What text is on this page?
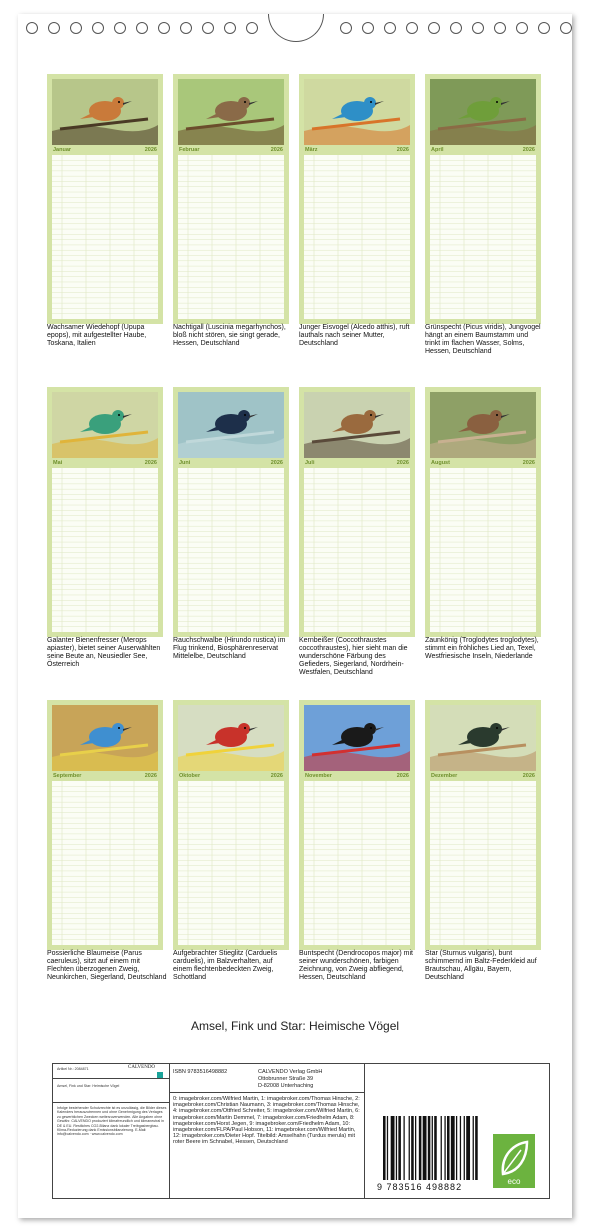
Januar	2026
Wachsamer Wiedehopf (Upupa epops), mit aufgestellter Haube, Toskana, Italien
Februar	2026
Nachtigall (Luscinia megarhynchos), bloß nicht stören, sie singt gerade, Hessen, Deutschland
März	2026
Junger Eisvogel (Alcedo atthis), ruft lauthals nach seiner Mutter, Deutschland
April	2026
Grünspecht (Picus viridis), Jungvogel hängt an einem Baumstamm und trinkt im flachen Wasser, Solms, Hessen, Deutschland
Mai	2026
Galanter Bienenfresser (Merops apiaster), bietet seiner Auserwählten seine Beute an, Neusiedler See, Österreich
Juni	2026
Rauchschwalbe (Hirundo rustica) im Flug trinkend, Biosphärenreservat Mittelelbe, Deutschland
Juli	2026
Kernbeißer (Coccothraustes coccothraustes), hier sieht man die wunderschöne Färbung des Gefieders, Siegerland, Nordrhein-Westfalen, Deutschland
August	2026
Zaunkönig (Troglodytes troglodytes), stimmt ein fröhliches Lied an, Texel, Westfriesische Inseln, Niederlande
September	2026
Possierliche Blaumeise (Parus caeruleus), sitzt auf einem mit Flechten überzogenen Zweig, Neunkirchen, Siegerland, Deutschland
Oktober	2026
Aufgebrachter Stieglitz (Carduelis carduelis), im Balzverhalten, auf einem flechtenbedeckten Zweig, Schottland
November	2026
Buntspecht (Dendrocopos major) mit seiner wunderschönen, farbigen Zeichnung, von Zweig abfliegend, Hessen, Deutschland
Dezember	2026
Star (Sturnus vulgaris), bunt schimmernd im Baltz-Federkleid auf Brautschau, Allgäu, Bayern, Deutschland
Amsel, Fink und Star: Heimische Vögel
Artikel Nr.: 2084871	CALVENDO
Amsel, Fink und Star: Heimische Vögel
Infolge bestehender Schutzrechte ist es unzulässig, die Bilder dieses Kalenders herauszutrennen und ohne Genehmigung des Verlages zu gewerblichen Zwecken weiterzuverwenden. Alle Angaben ohne Gewähr. CALVENDO produziert klimafreundlich und klimaneutral in DE & EU. Restliches CO2-Bilanz dank lokaler Treibgasbergbau. Klima-Reduzierung dank Emissionsbilanzierung. E-Mail: info@calvendo.com · www.calvendo.com
ISBN 9783516498882	CALVENDO Verlag GmbH
Ottobrunner Straße 39
D-82008 Unterhaching
0: imagebroker.com/Wilfried Martin, 1: imagebroker.com/Thomas Hinsche, 2: imagebroker.com/Christian Naumann, 3: imagebroker.com/Thomas Hinsche, 4: imagebroker.com/Ottfried Schreiter, 5: imagebroker.com/Wilfried Martin, 6: imagebroker.com/Martin Demmel, 7: imagebroker.com/Friedhelm Adam, 8: imagebroker.com/Horst Jegen, 9: imagebroker.com/Friedhelm Adam, 10: imagebroker.com/FLPA/Paul Hobson, 11: imagebroker.com/Wilfried Martin, 12: imagebroker.com/Dieter Hopf. Titelbild: Amselhahn (Turdus merula) mit roter Beere im Schnabel, Hessen, Deutschland
9 783516 498882
eco
